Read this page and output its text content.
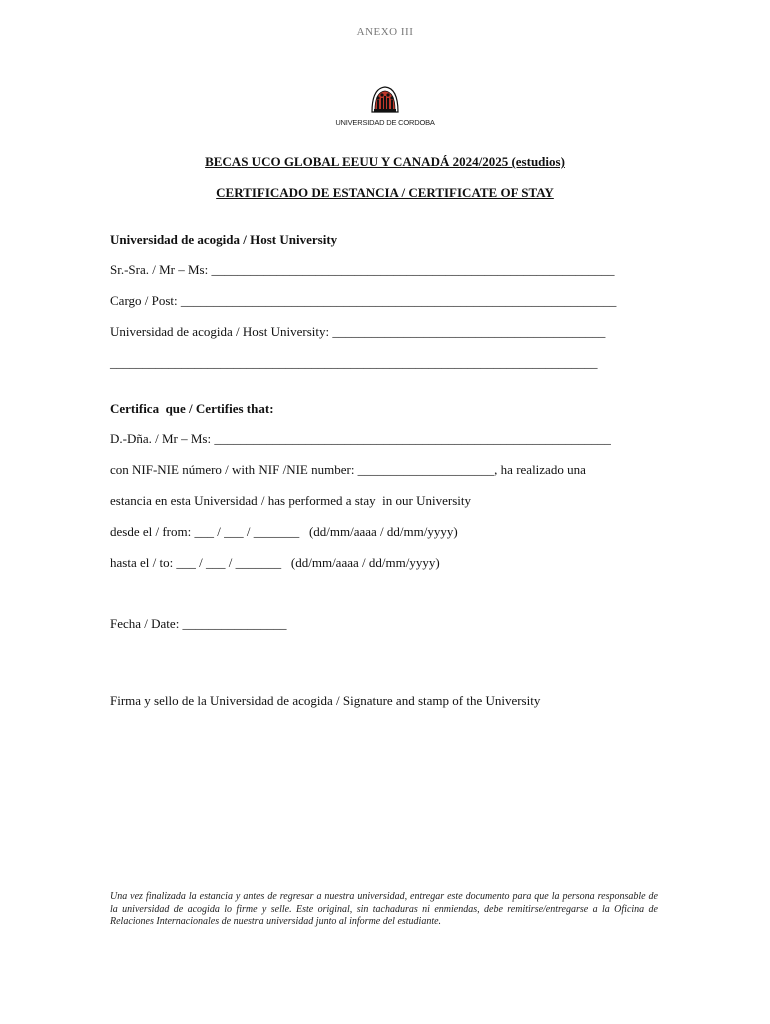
ANEXO III
UNIVERSIDAD DE CORDOBA
BECAS UCO GLOBAL EEUU Y CANADÁ 2024/2025 (estudios)
CERTIFICADO DE ESTANCIA / CERTIFICATE OF STAY
Universidad de acogida / Host University
Sr.-Sra. / Mr – Ms: ______________________________________________________________
Cargo / Post: ___________________________________________________________________
Universidad de acogida / Host University: __________________________________________
___________________________________________________________________________
Certifica  que / Certifies that:
D.-Dña. / Mr – Ms: _____________________________________________________________
con NIF-NIE número / with NIF /NIE number: _____________________, ha realizado una
estancia en esta Universidad / has performed a stay  in our University
desde el / from: ___ / ___ / _______   (dd/mm/aaaa / dd/mm/yyyy)
hasta el / to: ___ / ___ / _______   (dd/mm/aaaa / dd/mm/yyyy)
Fecha / Date: ________________
Firma y sello de la Universidad de acogida / Signature and stamp of the University
Una vez finalizada la estancia y antes de regresar a nuestra universidad, entregar este documento para que la persona responsable de la universidad de acogida lo firme y selle. Este original, sin tachaduras ni enmiendas, debe remitirse/entregarse a la Oficina de Relaciones Internacionales de nuestra universidad junto al informe del estudiante.
